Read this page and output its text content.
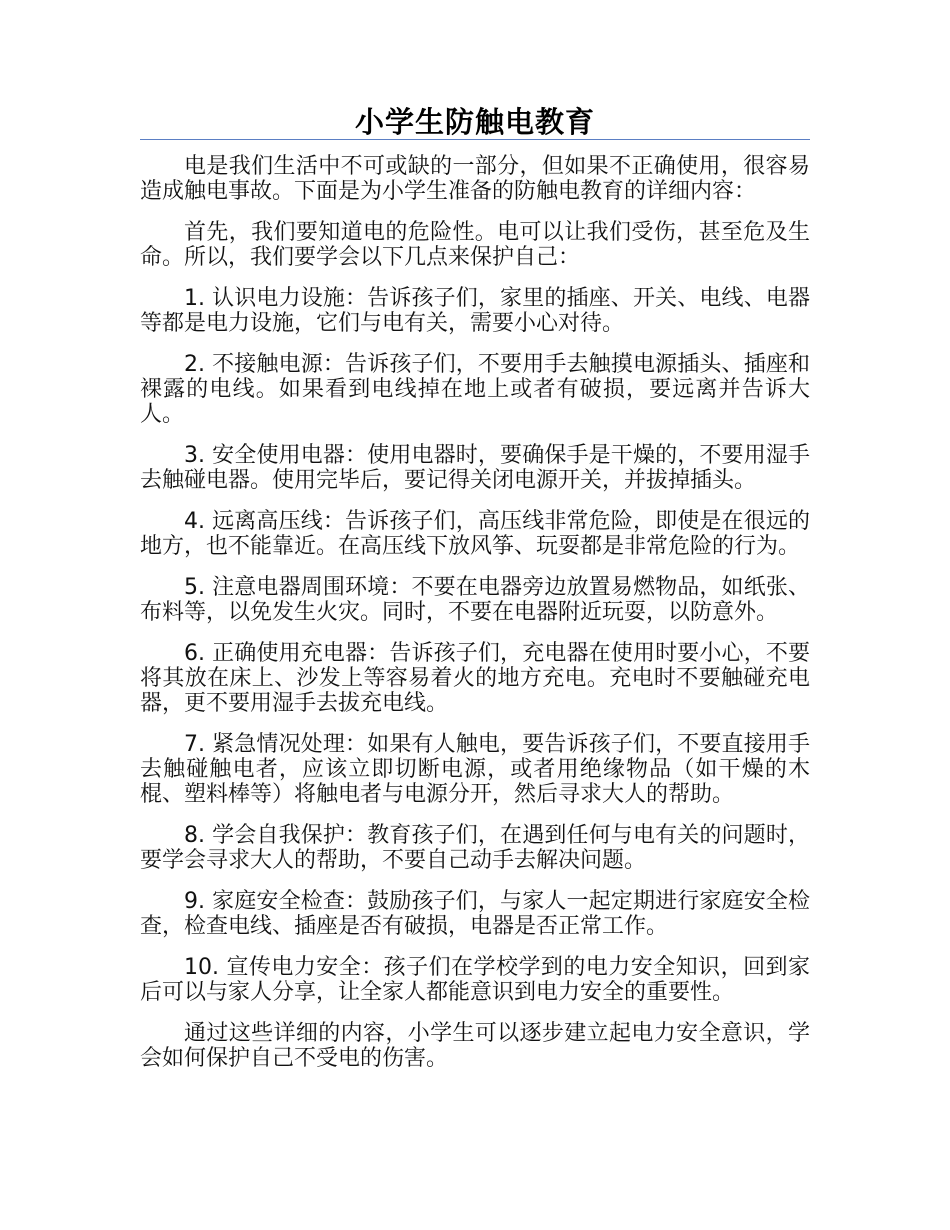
小学生防触电教育

电是我们生活中不可或缺的一部分，但如果不正确使用，很容易造成触电事故。下面是为小学生准备的防触电教育的详细内容：

首先，我们要知道电的危险性。电可以让我们受伤，甚至危及生命。所以，我们要学会以下几点来保护自己：

1. 认识电力设施：告诉孩子们，家里的插座、开关、电线、电器等都是电力设施，它们与电有关，需要小心对待。

2. 不接触电源：告诉孩子们，不要用手去触摸电源插头、插座和裸露的电线。如果看到电线掉在地上或者有破损，要远离并告诉大人。

3. 安全使用电器：使用电器时，要确保手是干燥的，不要用湿手去触碰电器。使用完毕后，要记得关闭电源开关，并拔掉插头。

4. 远离高压线：告诉孩子们，高压线非常危险，即使是在很远的地方，也不能靠近。在高压线下放风筝、玩耍都是非常危险的行为。

5. 注意电器周围环境：不要在电器旁边放置易燃物品，如纸张、布料等，以免发生火灾。同时，不要在电器附近玩耍，以防意外。

6. 正确使用充电器：告诉孩子们，充电器在使用时要小心，不要将其放在床上、沙发上等容易着火的地方充电。充电时不要触碰充电器，更不要用湿手去拔充电线。

7. 紧急情况处理：如果有人触电，要告诉孩子们，不要直接用手去触碰触电者，应该立即切断电源，或者用绝缘物品（如干燥的木棍、塑料棒等）将触电者与电源分开，然后寻求大人的帮助。

8. 学会自我保护：教育孩子们，在遇到任何与电有关的问题时，要学会寻求大人的帮助，不要自己动手去解决问题。

9. 家庭安全检查：鼓励孩子们，与家人一起定期进行家庭安全检查，检查电线、插座是否有破损，电器是否正常工作。

10. 宣传电力安全：孩子们在学校学到的电力安全知识，回到家后可以与家人分享，让全家人都能意识到电力安全的重要性。

通过这些详细的内容，小学生可以逐步建立起电力安全意识，学会如何保护自己不受电的伤害。
